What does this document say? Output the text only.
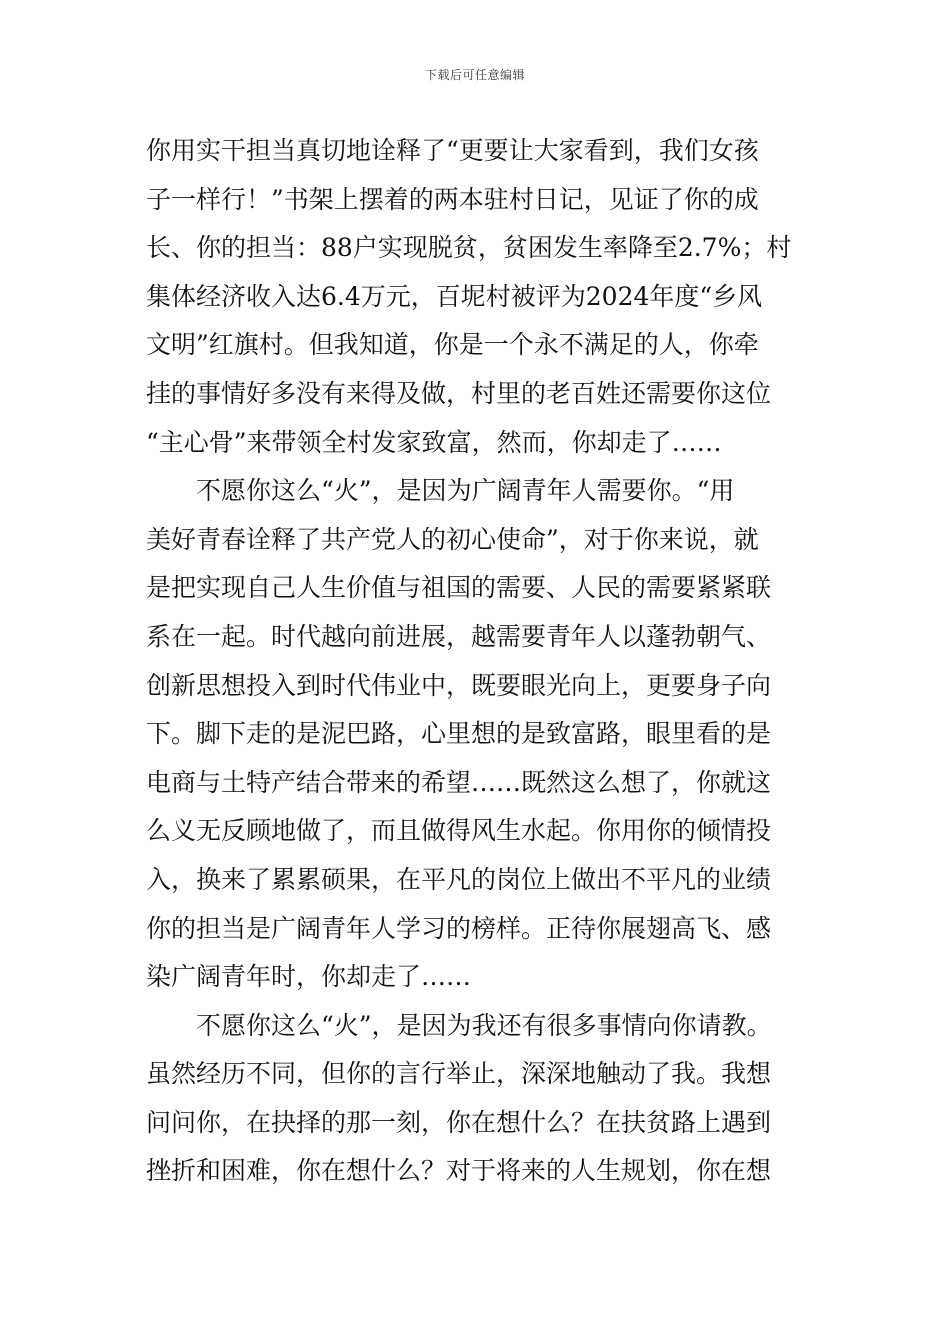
下载后可任意编辑
你用实干担当真切地诠释了“更要让大家看到，我们女孩
子一样行！”书架上摆着的两本驻村日记，见证了你的成
长、你的担当：88户实现脱贫，贫困发生率降至2.7%；村
集体经济收入达6.4万元，百坭村被评为2024年度“乡风
文明”红旗村。但我知道，你是一个永不满足的人，你牵
挂的事情好多没有来得及做，村里的老百姓还需要你这位
“主心骨”来带领全村发家致富，然而，你却走了……
　　不愿你这么“火”，是因为广阔青年人需要你。“用
美好青春诠释了共产党人的初心使命”，对于你来说，就
是把实现自己人生价值与祖国的需要、人民的需要紧紧联
系在一起。时代越向前进展，越需要青年人以蓬勃朝气、
创新思想投入到时代伟业中，既要眼光向上，更要身子向
下。脚下走的是泥巴路，心里想的是致富路，眼里看的是
电商与土特产结合带来的希望……既然这么想了，你就这
么义无反顾地做了，而且做得风生水起。你用你的倾情投
入，换来了累累硕果，在平凡的岗位上做出不平凡的业绩
你的担当是广阔青年人学习的榜样。正待你展翅高飞、感
染广阔青年时，你却走了……
　　不愿你这么“火”，是因为我还有很多事情向你请教。
虽然经历不同，但你的言行举止，深深地触动了我。我想
问问你，在抉择的那一刻，你在想什么？在扶贫路上遇到
挫折和困难，你在想什么？对于将来的人生规划，你在想
